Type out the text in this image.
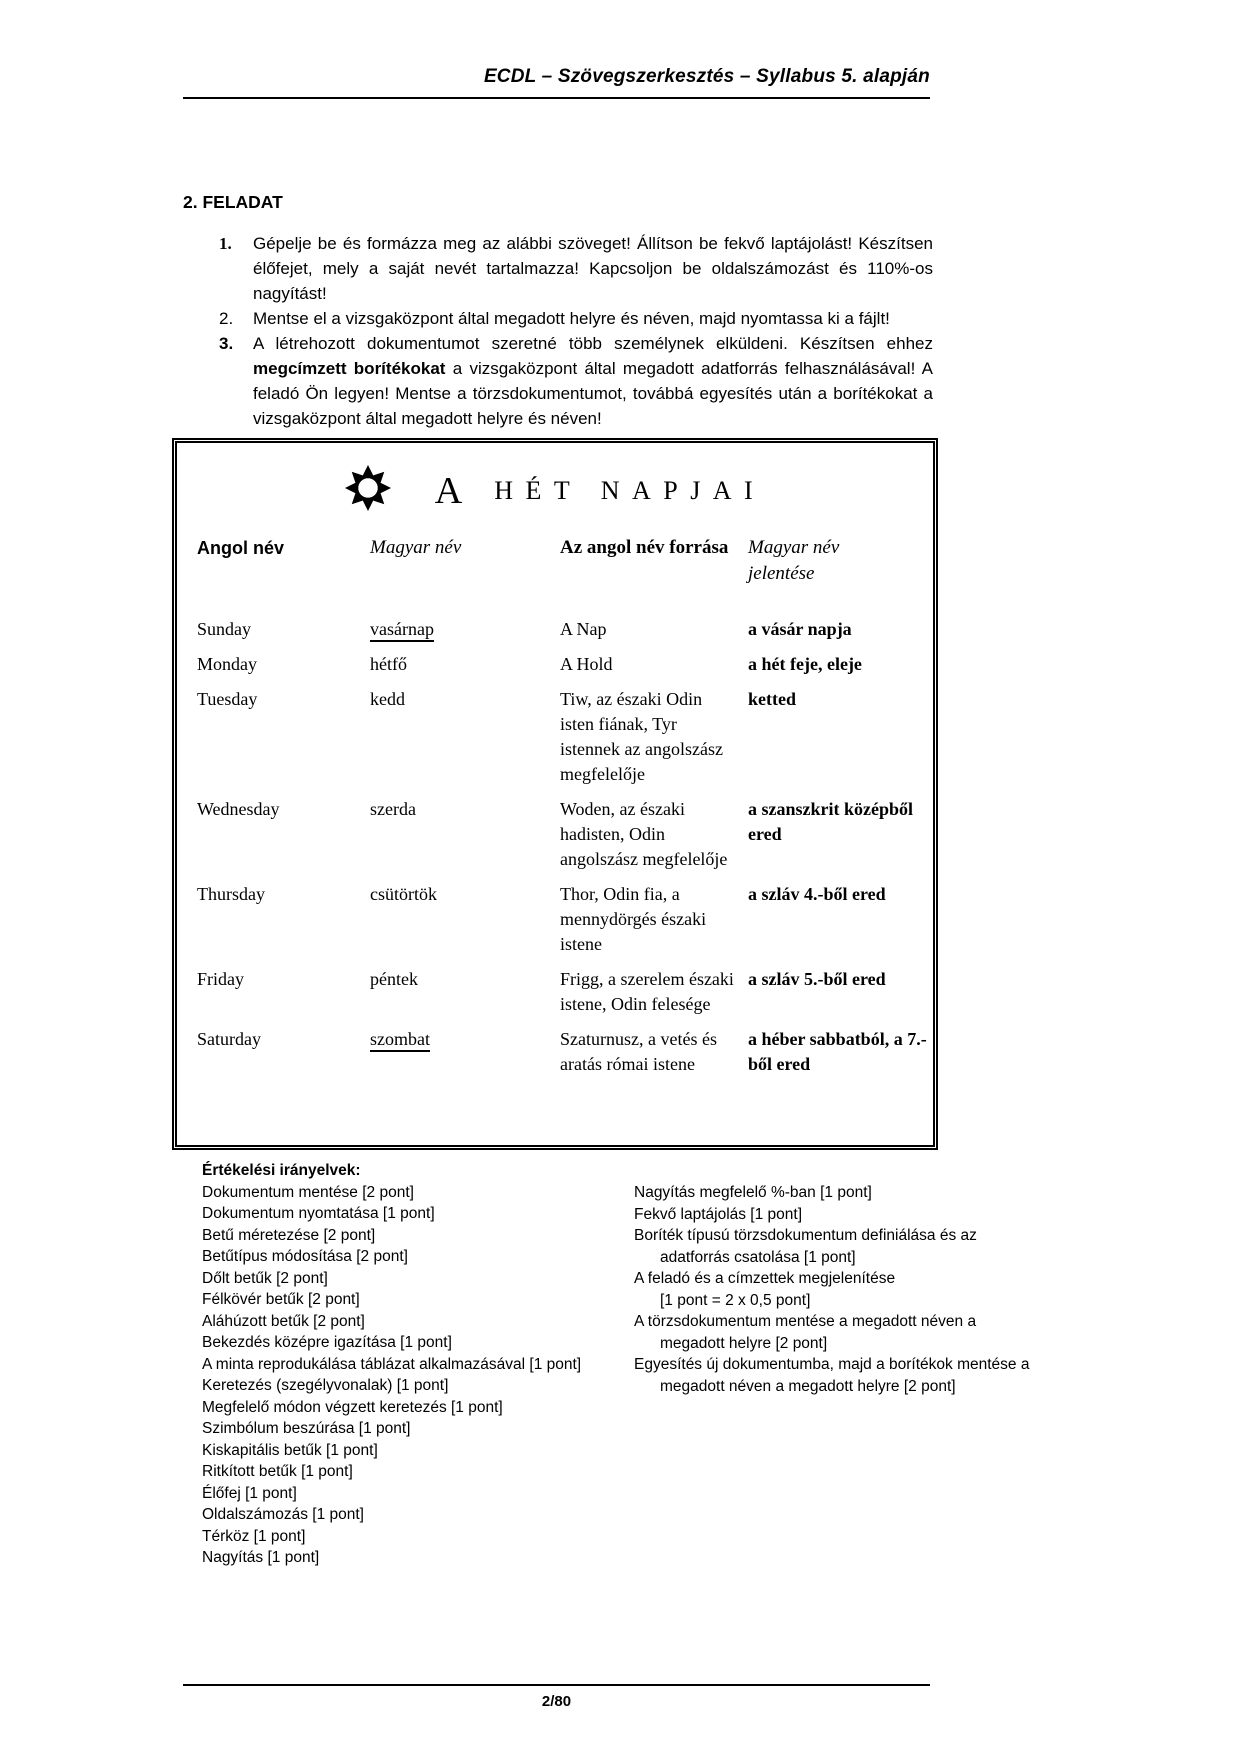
ECDL – Szövegszerkesztés – Syllabus 5. alapján
2. FELADAT
1.	Gépelje be és formázza meg az alábbi szöveget! Állítson be fekvő laptájolást! Készítsen élőfejet, mely a saját nevét tartalmazza! Kapcsoljon be oldalszámozást és 110%-os nagyítást!
2.	Mentse el a vizsgaközpont által megadott helyre és néven, majd nyomtassa ki a fájlt!
3.	A létrehozott dokumentumot szeretné több személynek elküldeni. Készítsen ehhez megcímzett borítékokat a vizsgaközpont által megadott adatforrás felhasználásával! A feladó Ön legyen! Mentse a törzsdokumentumot, továbbá egyesítés után a borítékokat a vizsgaközpont által megadott helyre és néven!
A HÉT NAPJAI
Angol név	Magyar név	Az angol név forrása	Magyar név jelentése
Sunday	vasárnap	A Nap	a vásár napja
Monday	hétfő	A Hold	a hét feje, eleje
Tuesday	kedd	Tiw, az északi Odin isten fiának, Tyr istennek az angolszász megfelelője	ketted
Wednesday	szerda	Woden, az északi hadisten, Odin angolszász megfelelője	a szanszkrit középből ered
Thursday	csütörtök	Thor, Odin fia, a mennydörgés északi istene	a szláv 4.-ből ered
Friday	péntek	Frigg, a szerelem északi istene, Odin felesége	a szláv 5.-ből ered
Saturday	szombat	Szaturnusz, a vetés és aratás római istene	a héber sabbatból, a 7.-ből ered
Értékelési irányelvek:
Dokumentum mentése [2 pont]
Dokumentum nyomtatása [1 pont]
Betű méretezése [2 pont]
Betűtípus módosítása [2 pont]
Dőlt betűk [2 pont]
Félkövér betűk [2 pont]
Aláhúzott betűk [2 pont]
Bekezdés középre igazítása [1 pont]
A minta reprodukálása táblázat alkalmazásával [1 pont]
Keretezés (szegélyvonalak) [1 pont]
Megfelelő módon végzett keretezés [1 pont]
Szimbólum beszúrása [1 pont]
Kiskapitális betűk [1 pont]
Ritkított betűk [1 pont]
Élőfej [1 pont]
Oldalszámozás [1 pont]
Térköz [1 pont]
Nagyítás [1 pont]
Nagyítás megfelelő %-ban [1 pont]
Fekvő laptájolás [1 pont]
Boríték típusú törzsdokumentum definiálása és az
adatforrás csatolása [1 pont]
A feladó és a címzettek megjelenítése
[1 pont = 2 x 0,5 pont]
A törzsdokumentum mentése a megadott néven a
megadott helyre [2 pont]
Egyesítés új dokumentumba, majd a borítékok mentése a
megadott néven a megadott helyre [2 pont]
2/80
